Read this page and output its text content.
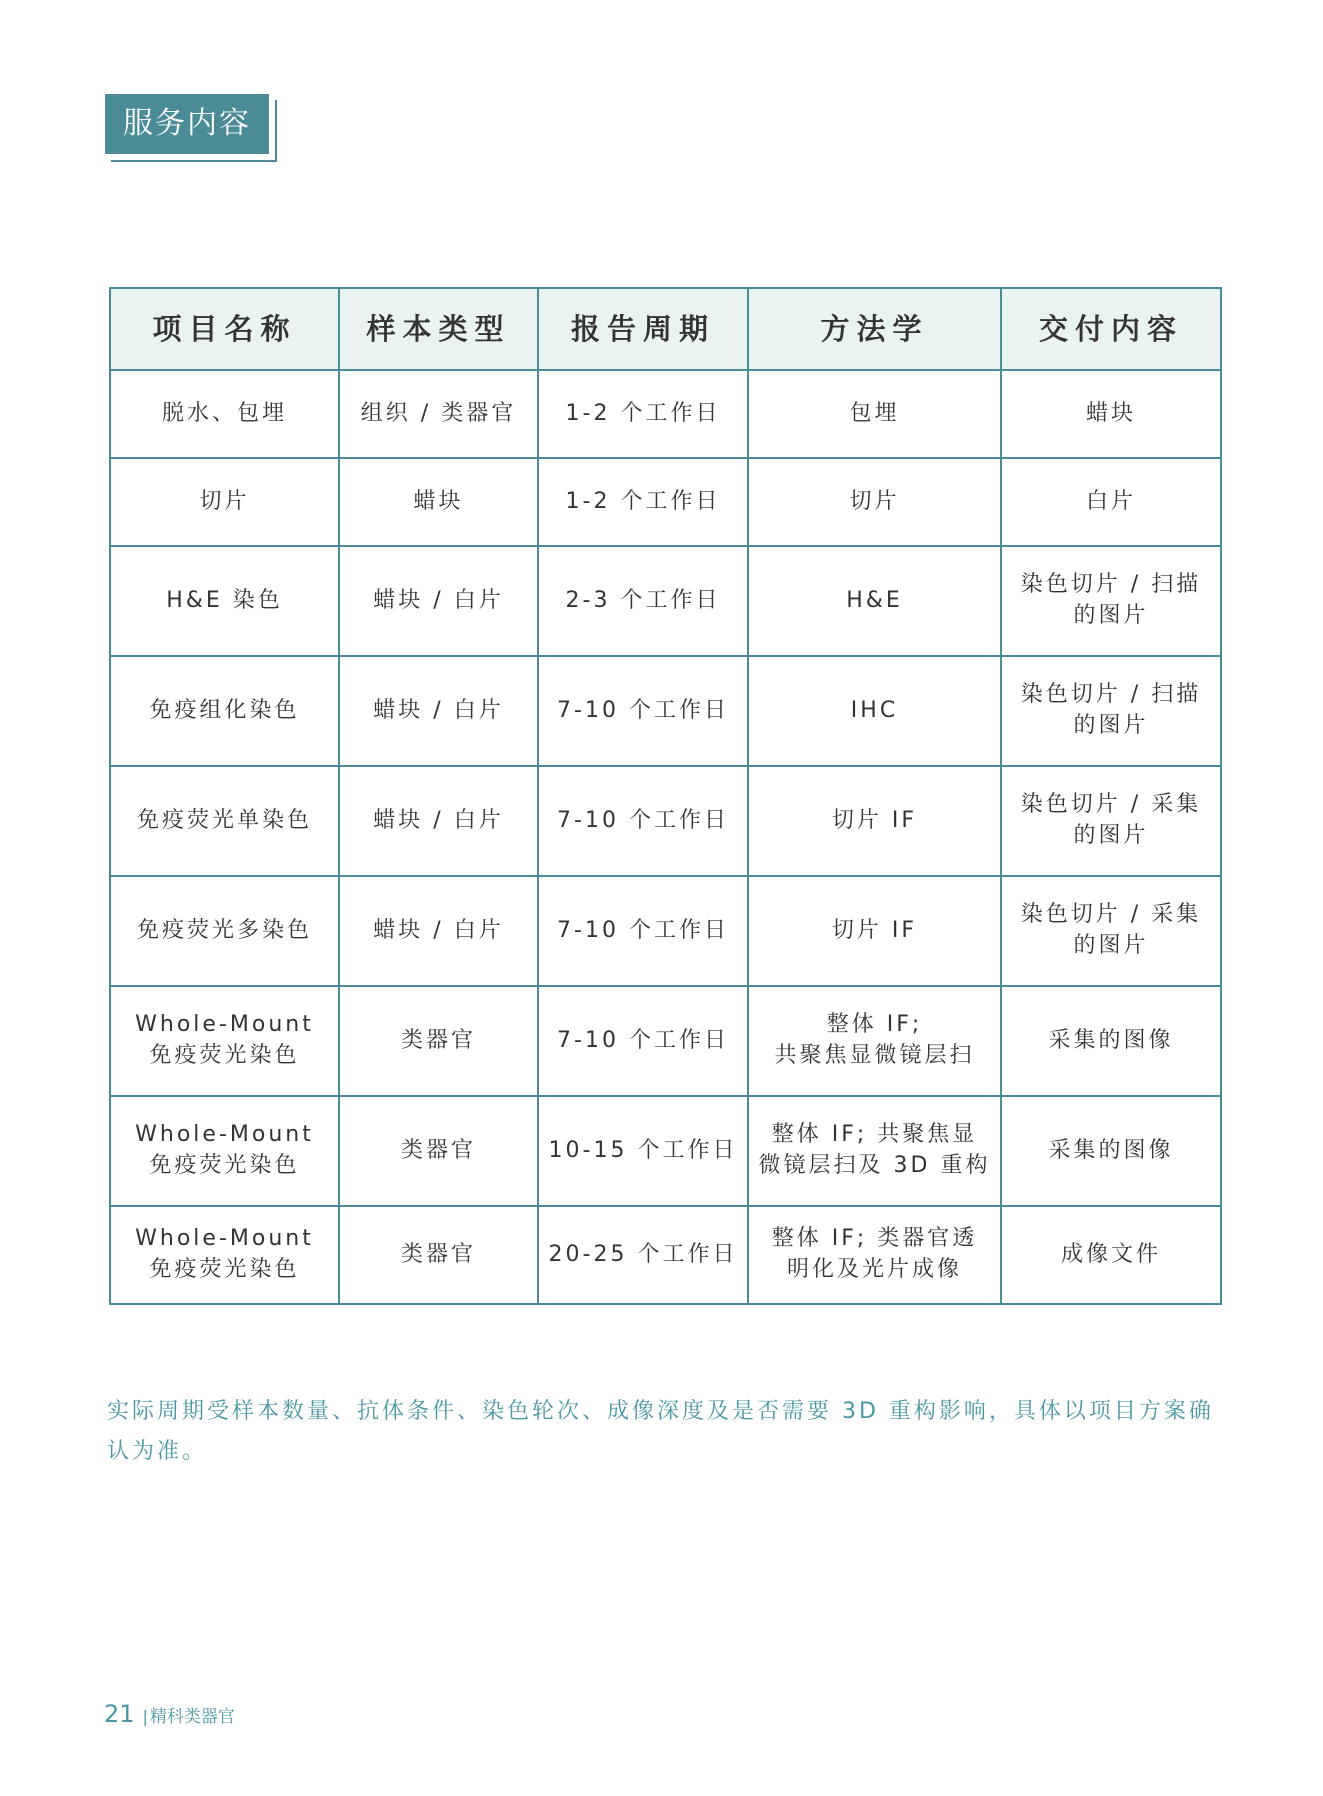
服务内容
项目名称	样本类型	报告周期	方法学	交付内容
脱水、包埋	组织 / 类器官	1-2 个工作日	包埋	蜡块
切片	蜡块	1-2 个工作日	切片	白片
H&E 染色	蜡块 / 白片	2-3 个工作日	H&E	染色切片 / 扫描
的图片
免疫组化染色	蜡块 / 白片	7-10 个工作日	IHC	染色切片 / 扫描
的图片
免疫荧光单染色	蜡块 / 白片	7-10 个工作日	切片 IF	染色切片 / 采集
的图片
免疫荧光多染色	蜡块 / 白片	7-10 个工作日	切片 IF	染色切片 / 采集
的图片
Whole-Mount
免疫荧光染色	类器官	7-10 个工作日	整体 IF;
共聚焦显微镜层扫	采集的图像
Whole-Mount
免疫荧光染色	类器官	10-15 个工作日	整体 IF; 共聚焦显
微镜层扫及 3D 重构	采集的图像
Whole-Mount
免疫荧光染色	类器官	20-25 个工作日	整体 IF; 类器官透
明化及光片成像	成像文件
实际周期受样本数量、抗体条件、染色轮次、成像深度及是否需要 3D 重构影响，具体以项目方案确认为准。
21 | 精科类器官
